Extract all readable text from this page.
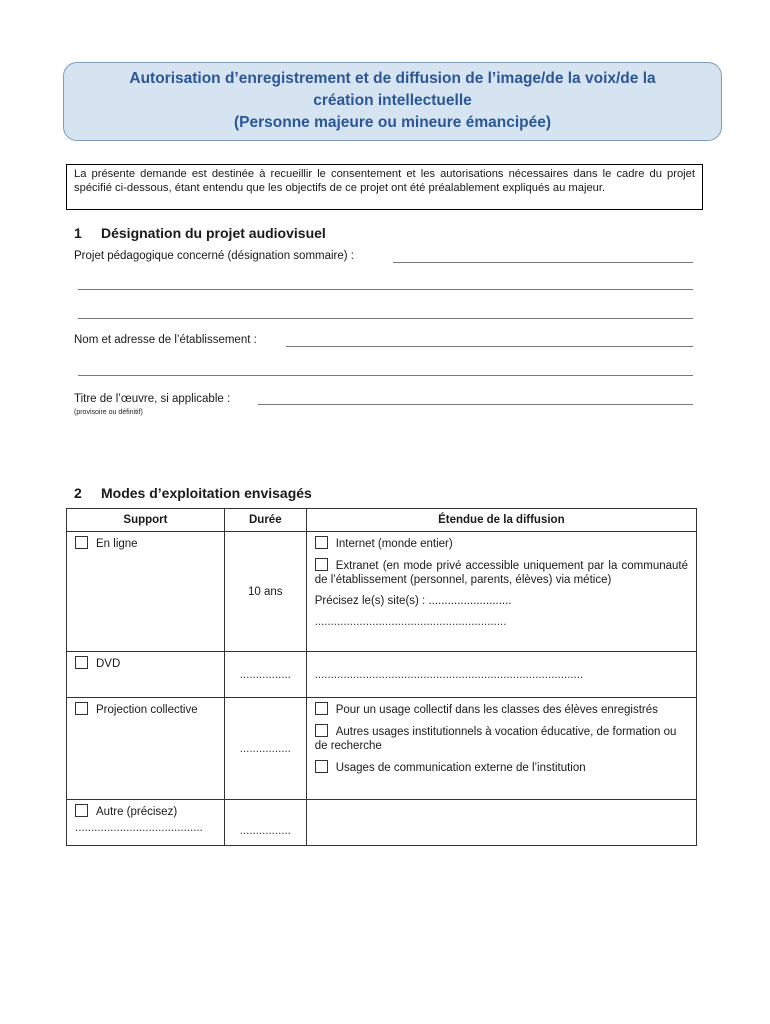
Autorisation d’enregistrement et de diffusion de l’image/de la voix/de la
création intellectuelle
(Personne majeure ou mineure émancipée)
La présente demande est destinée à recueillir le consentement et les autorisations nécessaires dans le cadre du projet spécifié ci-dessous, étant entendu que les objectifs de ce projet ont été préalablement expliqués au majeur.
1 Désignation du projet audiovisuel
Projet pédagogique concerné (désignation sommaire) :
Nom et adresse de l’établissement :
Titre de l’œuvre, si applicable :
(provisoire ou définitif)
2 Modes d’exploitation envisagés
Support	Durée	Étendue de la diffusion
En ligne	10 ans	Internet (monde entier)
Extranet (en mode privé accessible uniquement par la communauté de l’établissement (personnel, parents, élèves) via métice)
Précisez le(s) site(s) : ..........................
............................................................

DVD	................	....................................................................................
Projection collective	................	Pour un usage collectif dans les classes des élèves enregistrés
Autres usages institutionnels à vocation éducative, de formation ou de recherche
Usages de communication externe de l’institution

Autre (précisez)
........................................	................	
